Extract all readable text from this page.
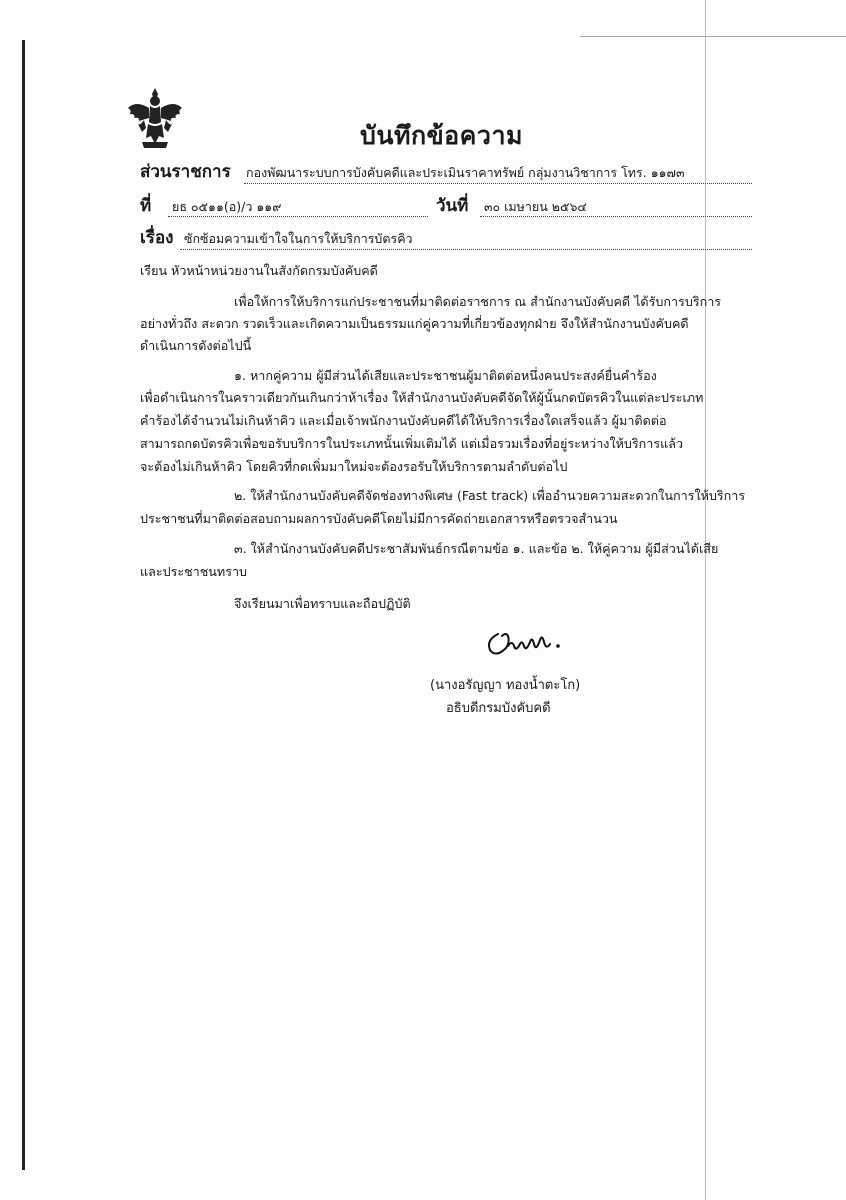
บันทึกข้อความ
ส่วนราชการ กองพัฒนาระบบการบังคับคดีและประเมินราคาทรัพย์ กลุ่มงานวิชาการ โทร. ๑๑๗๓
ที่ ยธ ๐๕๑๑(อ)/ว ๑๑๙	วันที่ ๓๐ เมษายน ๒๕๖๔
เรื่อง ซักซ้อมความเข้าใจในการให้บริการบัตรคิว
เรียน หัวหน้าหน่วยงานในสังกัดกรมบังคับคดี
เพื่อให้การให้บริการแก่ประชาชนที่มาติดต่อราชการ ณ สำนักงานบังคับคดี ได้รับการบริการ
อย่างทั่วถึง สะดวก รวดเร็วและเกิดความเป็นธรรมแก่คู่ความที่เกี่ยวข้องทุกฝ่าย จึงให้สำนักงานบังคับคดี
ดำเนินการดังต่อไปนี้
๑. หากคู่ความ ผู้มีส่วนได้เสียและประชาชนผู้มาติดต่อหนึ่งคนประสงค์ยื่นคำร้อง
เพื่อดำเนินการในคราวเดียวกันเกินกว่าห้าเรื่อง ให้สำนักงานบังคับคดีจัดให้ผู้นั้นกดบัตรคิวในแต่ละประเภท
คำร้องได้จำนวนไม่เกินห้าคิว และเมื่อเจ้าพนักงานบังคับคดีได้ให้บริการเรื่องใดเสร็จแล้ว ผู้มาติดต่อ
สามารถกดบัตรคิวเพื่อขอรับบริการในประเภทนั้นเพิ่มเติมได้ แต่เมื่อรวมเรื่องที่อยู่ระหว่างให้บริการแล้ว
จะต้องไม่เกินห้าคิว โดยคิวที่กดเพิ่มมาใหม่จะต้องรอรับให้บริการตามลำดับต่อไป
๒. ให้สำนักงานบังคับคดีจัดช่องทางพิเศษ (Fast track) เพื่ออำนวยความสะดวกในการให้บริการ
ประชาชนที่มาติดต่อสอบถามผลการบังคับคดีโดยไม่มีการคัดถ่ายเอกสารหรือตรวจสำนวน
๓. ให้สำนักงานบังคับคดีประชาสัมพันธ์กรณีตามข้อ ๑. และข้อ ๒. ให้คู่ความ ผู้มีส่วนได้เสีย
และประชาชนทราบ
จึงเรียนมาเพื่อทราบและถือปฏิบัติ
(นางอรัญญา ทองน้ำตะโก)
อธิบดีกรมบังคับคดี
